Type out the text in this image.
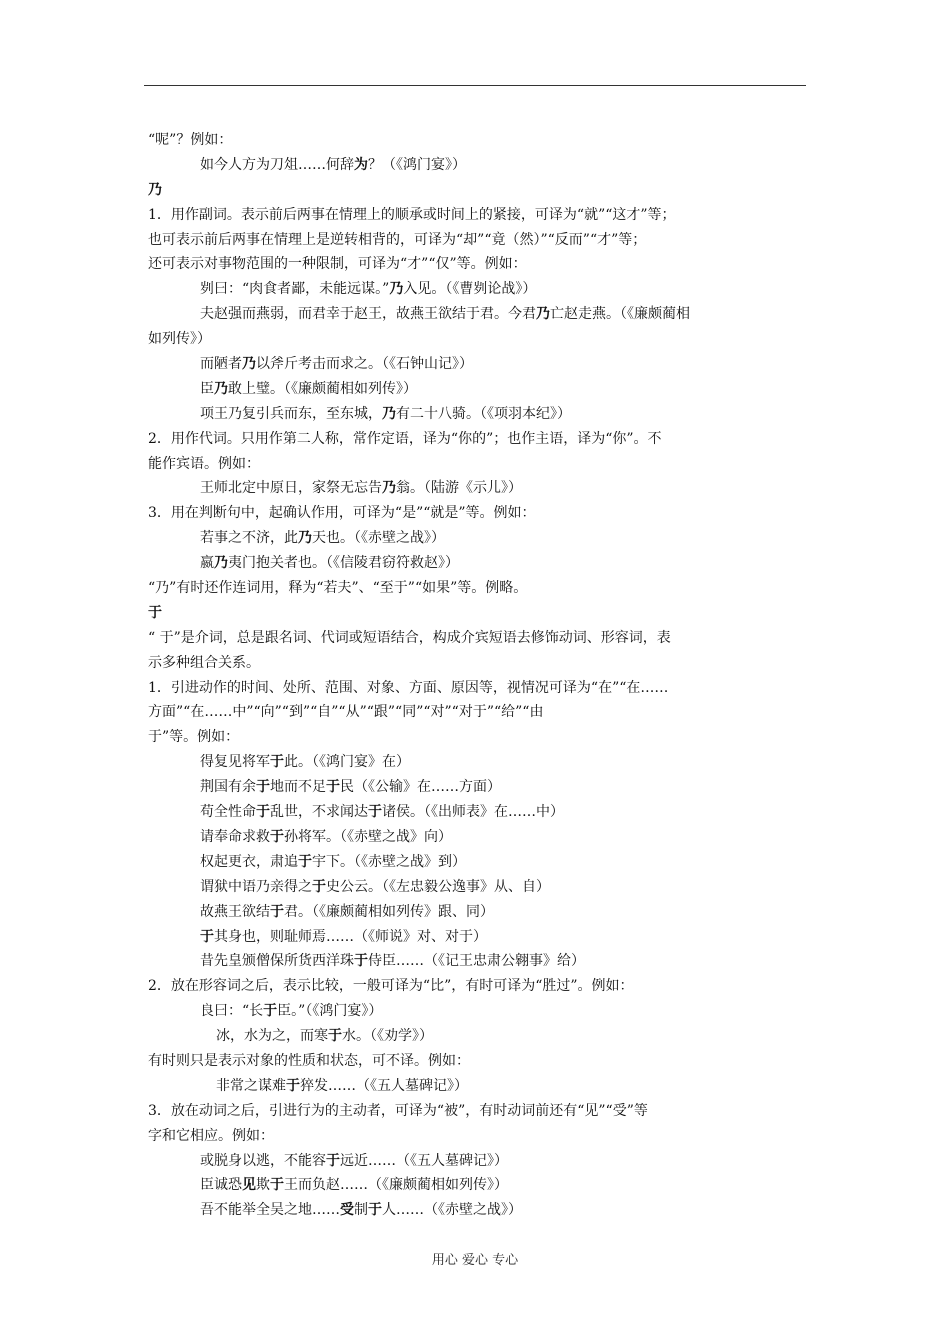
“呢”？例如：
如今人方为刀俎……何辞为？（《鸿门宴》）
乃
1．用作副词。表示前后两事在情理上的顺承或时间上的紧接，可译为“就”“这才”等；
也可表示前后两事在情理上是逆转相背的，可译为“却”“竟（然）”“反而”“才”等；
还可表示对事物范围的一种限制，可译为“才”“仅”等。例如：
刿曰：“肉食者鄙，未能远谋。”乃入见。（《曹刿论战》）
夫赵强而燕弱，而君幸于赵王，故燕王欲结于君。今君乃亡赵走燕。（《廉颇蔺相
如列传》）
而陋者乃以斧斤考击而求之。（《石钟山记》）
臣乃敢上璧。（《廉颇蔺相如列传》）
项王乃复引兵而东，至东城，乃有二十八骑。（《项羽本纪》）
2．用作代词。只用作第二人称，常作定语，译为“你的”；也作主语，译为“你”。不
能作宾语。例如：
王师北定中原日，家祭无忘告乃翁。（陆游《示儿》）
3．用在判断句中，起确认作用，可译为“是”“就是”等。例如：
若事之不济，此乃天也。（《赤壁之战》）
嬴乃夷门抱关者也。（《信陵君窃符救赵》）
“乃”有时还作连词用，释为“若夫”、“至于”“如果”等。例略。
于
“ 于”是介词，总是跟名词、代词或短语结合，构成介宾短语去修饰动词、形容词，表
示多种组合关系。
1．引进动作的时间、处所、范围、对象、方面、原因等，视情况可译为“在”“在……
方面”“在……中”“向”“到”“自”“从”“跟”“同”“对”“对于”“给”“由
于”等。例如：
得复见将军于此。（《鸿门宴》在）
荆国有余于地而不足于民（《公输》在……方面）
苟全性命于乱世，不求闻达于诸侯。（《出师表》在……中）
请奉命求救于孙将军。（《赤壁之战》向）
权起更衣，肃追于宇下。（《赤壁之战》到）
谓狱中语乃亲得之于史公云。（《左忠毅公逸事》从、自）
故燕王欲结于君。（《廉颇蔺相如列传》跟、同）
于其身也，则耻师焉……（《师说》对、对于）
昔先皇颁僧保所货西洋珠于侍臣……（《记王忠肃公翱事》给）
2．放在形容词之后，表示比较，一般可译为“比”，有时可译为“胜过”。例如：
良曰：“长于臣。”（《鸿门宴》）
冰，水为之，而寒于水。（《劝学》）
有时则只是表示对象的性质和状态，可不译。例如：
非常之谋难于猝发……（《五人墓碑记》）
3．放在动词之后，引进行为的主动者，可译为“被”，有时动词前还有“见”“受”等
字和它相应。例如：
或脱身以逃，不能容于远近……（《五人墓碑记》）
臣诚恐见欺于王而负赵……（《廉颇蔺相如列传》）
吾不能举全吴之地……受制于人……（《赤壁之战》）
用心 爱心 专心
